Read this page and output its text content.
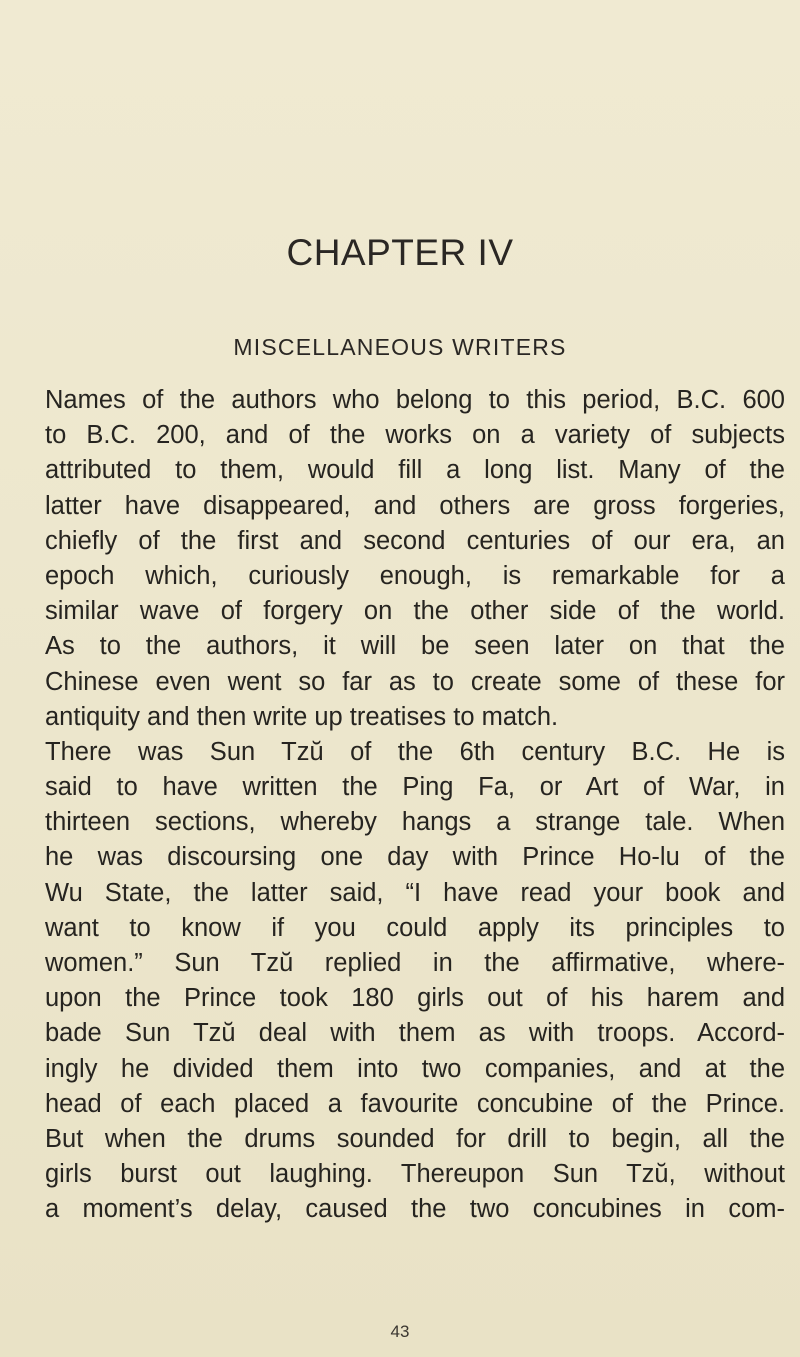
CHAPTER IV
MISCELLANEOUS WRITERS
Names of the authors who belong to this period, B.C. 600
to B.C. 200, and of the works on a variety of subjects
attributed to them, would fill a long list. Many of the
latter have disappeared, and others are gross forgeries,
chiefly of the first and second centuries of our era, an
epoch which, curiously enough, is remarkable for a
similar wave of forgery on the other side of the world.
As to the authors, it will be seen later on that the
Chinese even went so far as to create some of these for
antiquity and then write up treatises to match.
There was Sun Tzŭ of the 6th century B.C. He is
said to have written the Ping Fa, or Art of War, in
thirteen sections, whereby hangs a strange tale. When
he was discoursing one day with Prince Ho-lu of the
Wu State, the latter said, “I have read your book and
want to know if you could apply its principles to
women.” Sun Tzŭ replied in the affirmative, where-
upon the Prince took 180 girls out of his harem and
bade Sun Tzŭ deal with them as with troops. Accord-
ingly he divided them into two companies, and at the
head of each placed a favourite concubine of the Prince.
But when the drums sounded for drill to begin, all the
girls burst out laughing. Thereupon Sun Tzŭ, without
a moment’s delay, caused the two concubines in com-
43
